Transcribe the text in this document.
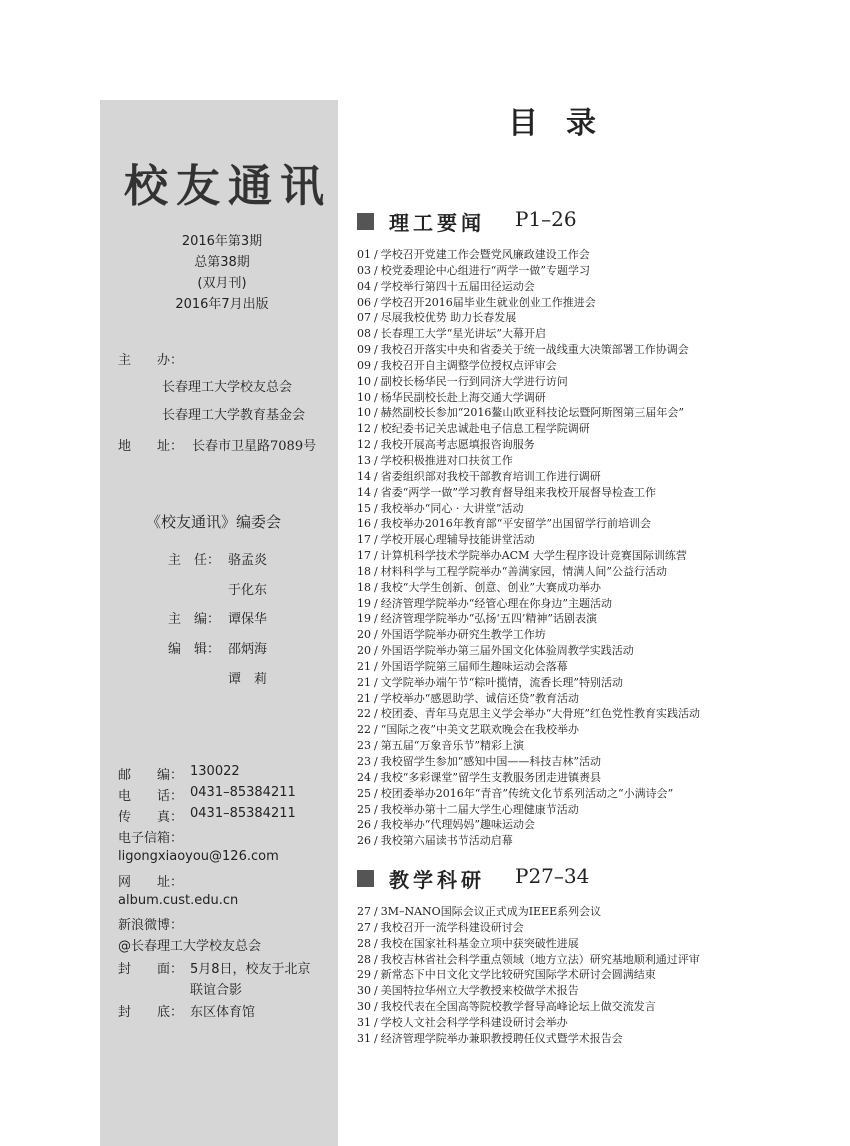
校友通讯
2016年第3期
总第38期
(双月刊)
2016年7月出版
主　　办：
长春理工大学校友总会
长春理工大学教育基金会
地　　址： 长春市卫星路7089号
《校友通讯》编委会
主　任： 骆孟炎
于化东
主　编： 谭保华
编　辑： 邵炳海
谭　莉
邮　　编： 130022
电　　话： 0431–85384211
传　　真： 0431–85384211
电子信箱：
ligongxiaoyou@126.com
网　　址：
album.cust.edu.cn
新浪微博：
@长春理工大学校友总会
封　　面： 5月8日，校友于北京
联谊合影
封　　底： 东区体育馆
目录
理工要闻 P1–26
01 / 学校召开党建工作会暨党风廉政建设工作会
03 / 校党委理论中心组进行“两学一做”专题学习
04 / 学校举行第四十五届田径运动会
06 / 学校召开2016届毕业生就业创业工作推进会
07 / 尽展我校优势 助力长春发展
08 / 长春理工大学“星光讲坛”大幕开启
09 / 我校召开落实中央和省委关于统一战线重大决策部署工作协调会
09 / 我校召开自主调整学位授权点评审会
10 / 副校长杨华民一行到同济大学进行访问
10 / 杨华民副校长赴上海交通大学调研
10 / 赫然副校长参加“2016鳌山欧亚科技论坛暨阿斯图第三届年会”
12 / 校纪委书记关忠诚赴电子信息工程学院调研
12 / 我校开展高考志愿填报咨询服务
13 / 学校积极推进对口扶贫工作
14 / 省委组织部对我校干部教育培训工作进行调研
14 / 省委“两学一做”学习教育督导组来我校开展督导检查工作
15 / 我校举办“同心 · 大讲堂”活动
16 / 我校举办2016年教育部“平安留学”出国留学行前培训会
17 / 学校开展心理辅导技能讲堂活动
17 / 计算机科学技术学院举办ACM 大学生程序设计竞赛国际训练营
18 / 材料科学与工程学院举办“善满家园，情满人间”公益行活动
18 / 我校“大学生创新、创意、创业”大赛成功举办
19 / 经济管理学院举办“经管心理在你身边”主题活动
19 / 经济管理学院举办“弘扬‘五四’精神”话剧表演
20 / 外国语学院举办研究生教学工作坊
20 / 外国语学院举办第三届外国文化体验周教学实践活动
21 / 外国语学院第三届师生趣味运动会落幕
21 / 文学院举办端午节“粽叶揽情，流香长理”特别活动
21 / 学校举办“感恩助学、诚信还贷”教育活动
22 / 校团委、青年马克思主义学会举办“大骨班”红色党性教育实践活动
22 / “国际之夜”中美文艺联欢晚会在我校举办
23 / 第五届“万象音乐节”精彩上演
23 / 我校留学生参加“感知中国——科技吉林”活动
24 / 我校“多彩课堂”留学生支教服务团走进镇赉县
25 / 校团委举办2016年“青音”传统文化节系列活动之“小满诗会”
25 / 我校举办第十二届大学生心理健康节活动
26 / 我校举办“代理妈妈”趣味运动会
26 / 我校第六届读书节活动启幕
教学科研 P27–34
27 / 3M–NANO国际会议正式成为IEEE系列会议
27 / 我校召开一流学科建设研讨会
28 / 我校在国家社科基金立项中获突破性进展
28 / 我校吉林省社会科学重点领域（地方立法）研究基地顺利通过评审
29 / 新常态下中日文化文学比较研究国际学术研讨会圆满结束
30 / 美国特拉华州立大学教授来校做学术报告
30 / 我校代表在全国高等院校教学督导高峰论坛上做交流发言
31 / 学校人文社会科学学科建设研讨会举办
31 / 经济管理学院举办兼职教授聘任仪式暨学术报告会
